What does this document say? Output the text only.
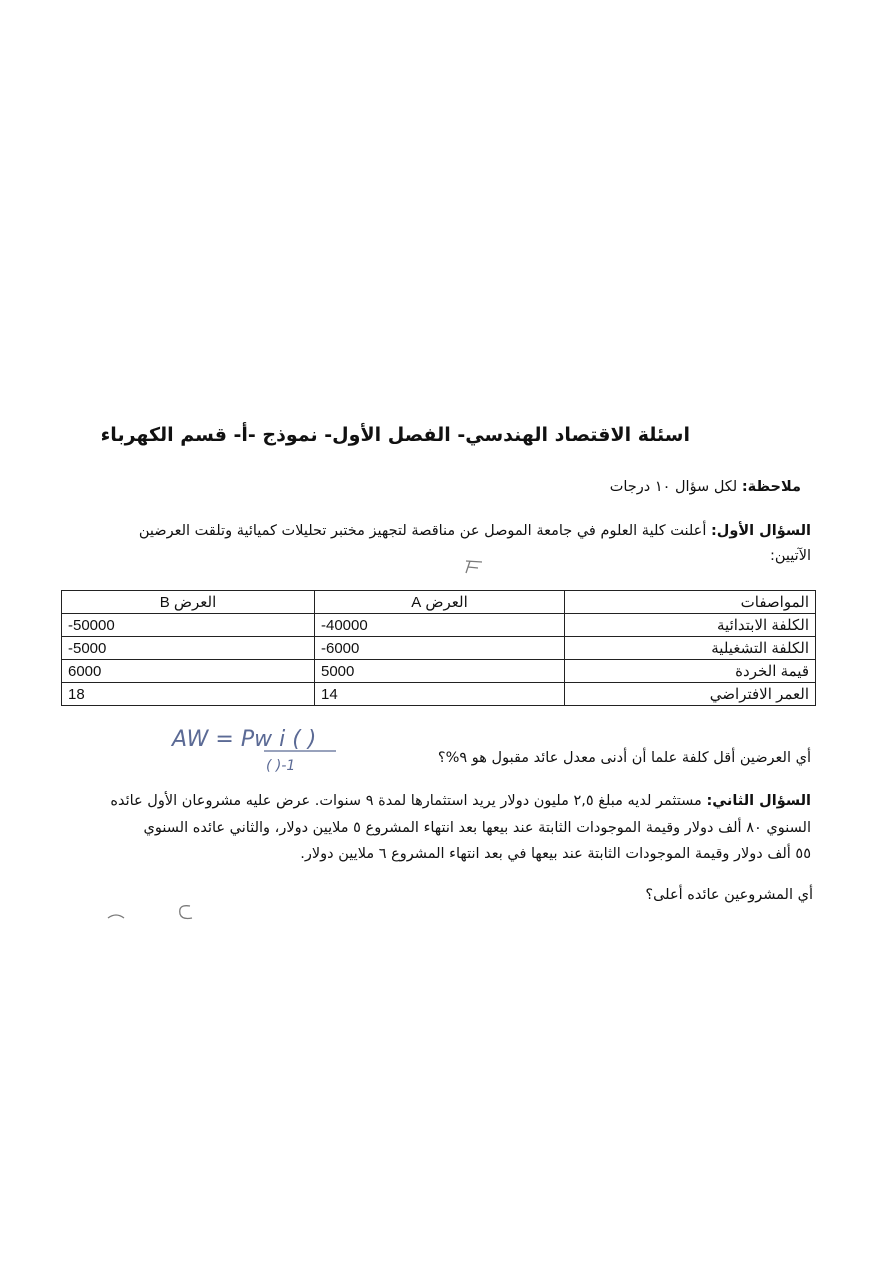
اسئلة الاقتصاد الهندسي- الفصل الأول- نموذج -أ- قسم الكهرباء
ملاحظة: لكل سؤال ١٠ درجات
السؤال الأول: أعلنت كلية العلوم في جامعة الموصل عن مناقصة لتجهيز مختبر تحليلات كميائية وتلقت العرضين
الآتيين:
المواصفات	العرض A	العرض B
الكلفة الابتدائية	-40000	-50000
الكلفة التشغيلية	-6000	-5000
قيمة الخردة	5000	6000
العمر الافتراضي	14	18
أي العرضين أقل كلفة علما أن أدنى معدل عائد مقبول هو ٩%؟
السؤال الثاني: مستثمر لديه مبلغ ٢,٥ مليون دولار يريد استثمارها لمدة ٩ سنوات. عرض عليه مشروعان الأول عائده
السنوي ٨٠ ألف دولار وقيمة الموجودات الثابتة عند بيعها بعد انتهاء المشروع ٥ ملايين دولار، والثاني عائده السنوي
٥٥ ألف دولار وقيمة الموجودات الثابتة عند بيعها في بعد انتهاء المشروع ٦ ملايين دولار.
أي المشروعين عائده أعلى؟
AW = Pw i ( )
( )-1
